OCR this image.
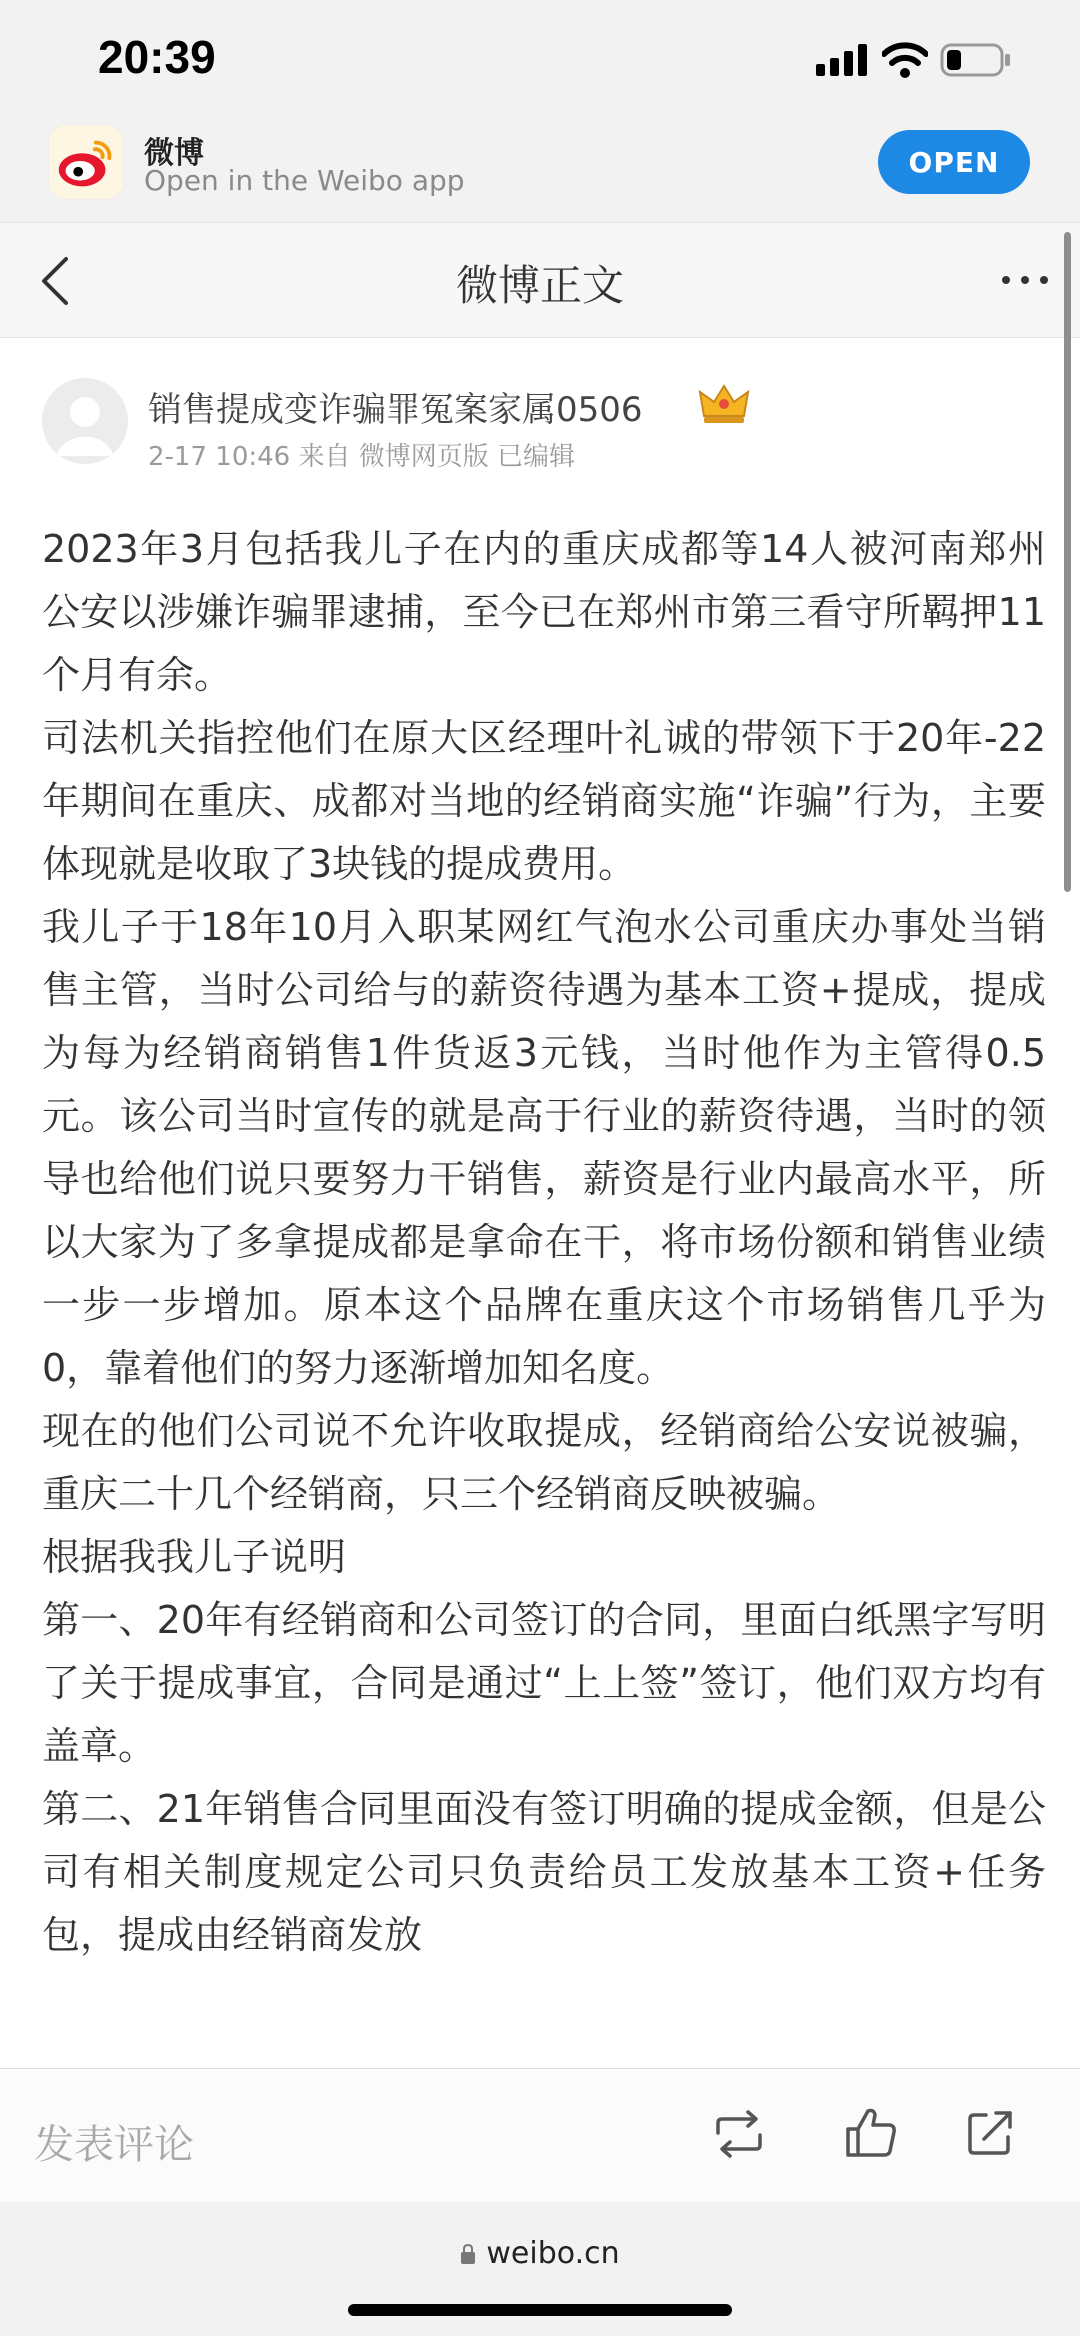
20:39
微博
Open in the Weibo app
OPEN
微博正文
销售提成变诈骗罪冤案家属0506
2-17 10:46 来自 微博网页版 已编辑

2023年3月包括我儿子在内的重庆成都等14人被河南郑州公安以涉嫌诈骗罪逮捕，至今已在郑州市第三看守所羁押11个月有余。

司法机关指控他们在原大区经理叶礼诚的带领下于20年-22年期间在重庆、成都对当地的经销商实施“诈骗”行为，主要体现就是收取了3块钱的提成费用。

我儿子于18年10月入职某网红气泡水公司重庆办事处当销售主管，当时公司给与的薪资待遇为基本工资+提成，提成为每为经销商销售1件货返3元钱，当时他作为主管得0.5元。该公司当时宣传的就是高于行业的薪资待遇，当时的领导也给他们说只要努力干销售，薪资是行业内最高水平，所以大家为了多拿提成都是拿命在干，将市场份额和销售业绩一步一步增加。原本这个品牌在重庆这个市场销售几乎为0，靠着他们的努力逐渐增加知名度。

现在的他们公司说不允许收取提成，经销商给公安说被骗，重庆二十几个经销商，只三个经销商反映被骗。

根据我我儿子说明

第一、20年有经销商和公司签订的合同，里面白纸黑字写明了关于提成事宜，合同是通过“上上签”签订，他们双方均有盖章。

第二、21年销售合同里面没有签订明确的提成金额，但是公司有相关制度规定公司只负责给员工发放基本工资+任务包，提成由经销商发放

发表评论
weibo.cn
